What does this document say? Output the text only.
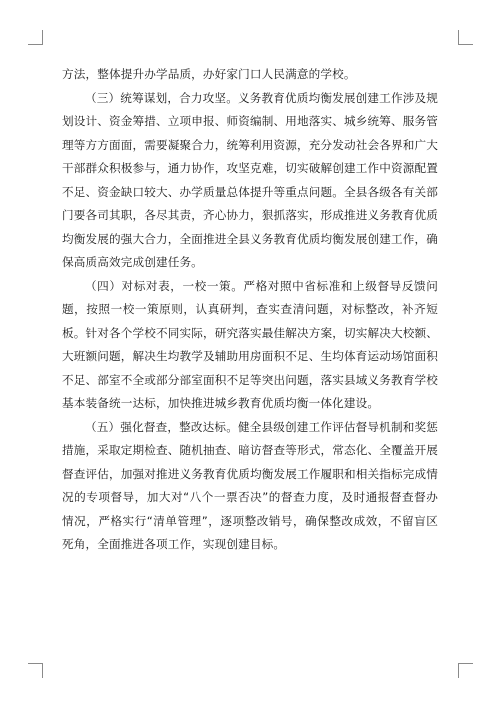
方法，整体提升办学品质，办好家门口人民满意的学校。

（三）统筹谋划，合力攻坚。义务教育优质均衡发展创建工作涉及规划设计、资金筹措、立项申报、师资编制、用地落实、城乡统筹、服务管理等方方面面，需要凝聚合力，统筹利用资源，充分发动社会各界和广大干部群众积极参与，通力协作，攻坚克难，切实破解创建工作中资源配置不足、资金缺口较大、办学质量总体提升等重点问题。全县各级各有关部门要各司其职，各尽其责，齐心协力，狠抓落实，形成推进义务教育优质均衡发展的强大合力，全面推进全县义务教育优质均衡发展创建工作，确保高质高效完成创建任务。

（四）对标对表，一校一策。严格对照中省标准和上级督导反馈问题，按照一校一策原则，认真研判，查实查清问题，对标整改，补齐短板。针对各个学校不同实际，研究落实最佳解决方案，切实解决大校额、大班额问题，解决生均教学及辅助用房面积不足、生均体育运动场馆面积不足、部室不全或部分部室面积不足等突出问题，落实县域义务教育学校基本装备统一达标，加快推进城乡教育优质均衡一体化建设。

（五）强化督查，整改达标。健全县级创建工作评估督导机制和奖惩措施，采取定期检查、随机抽查、暗访督查等形式，常态化、全覆盖开展督查评估，加强对推进义务教育优质均衡发展工作履职和相关指标完成情况的专项督导，加大对“八个一票否决”的督查力度，及时通报督查督办情况，严格实行“清单管理”，逐项整改销号，确保整改成效，不留盲区死角，全面推进各项工作，实现创建目标。
